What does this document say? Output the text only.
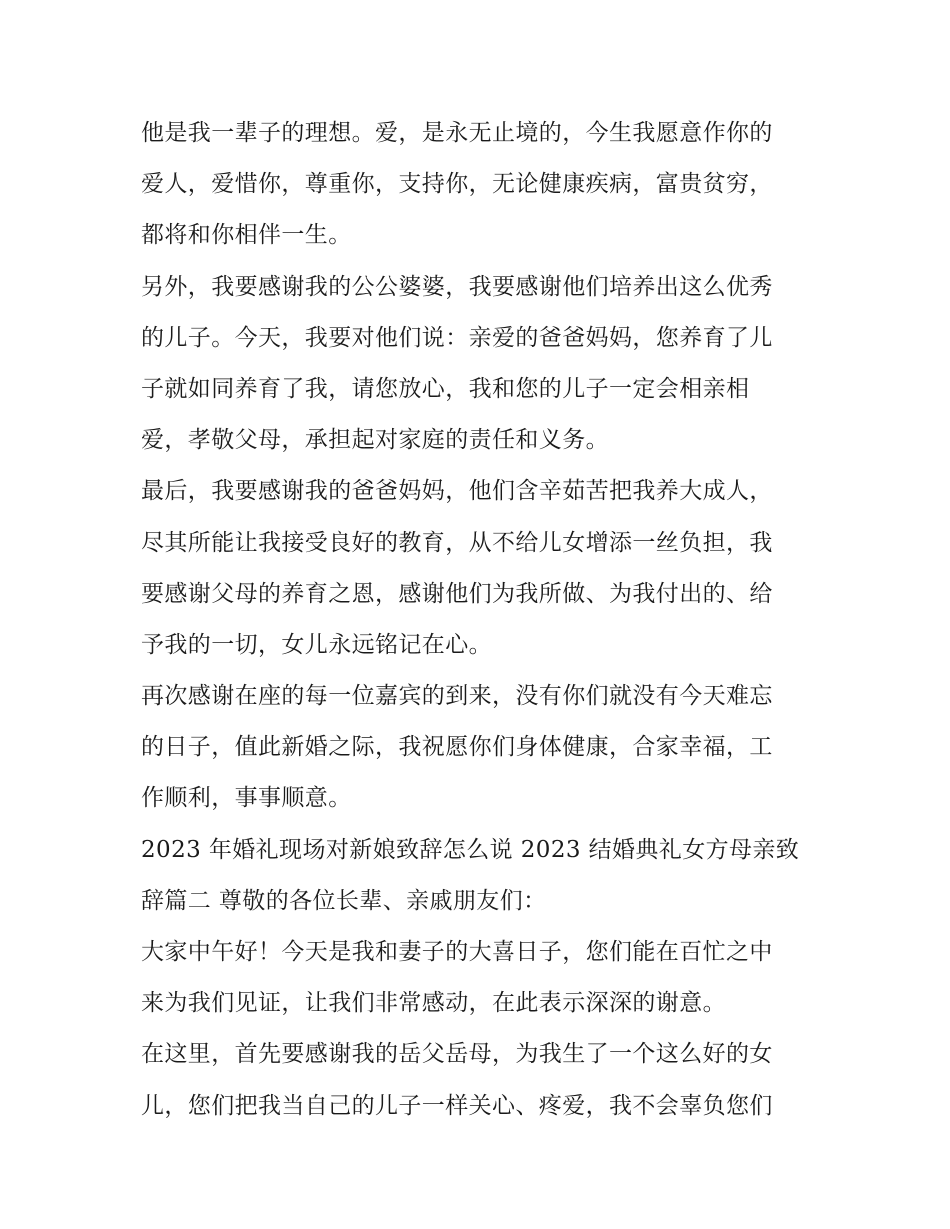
他是我一辈子的理想。爱，是永无止境的，今生我愿意作你的
爱人，爱惜你，尊重你，支持你，无论健康疾病，富贵贫穷，
都将和你相伴一生。
另外，我要感谢我的公公婆婆，我要感谢他们培养出这么优秀
的儿子。今天，我要对他们说：亲爱的爸爸妈妈，您养育了儿
子就如同养育了我，请您放心，我和您的儿子一定会相亲相
爱，孝敬父母，承担起对家庭的责任和义务。
最后，我要感谢我的爸爸妈妈，他们含辛茹苦把我养大成人，
尽其所能让我接受良好的教育，从不给儿女增添一丝负担，我
要感谢父母的养育之恩，感谢他们为我所做、为我付出的、给
予我的一切，女儿永远铭记在心。
再次感谢在座的每一位嘉宾的到来，没有你们就没有今天难忘
的日子，值此新婚之际，我祝愿你们身体健康，合家幸福，工
作顺利，事事顺意。
2023 年婚礼现场对新娘致辞怎么说 2023 结婚典礼女方母亲致
辞篇二 尊敬的各位长辈、亲戚朋友们：
大家中午好！今天是我和妻子的大喜日子，您们能在百忙之中
来为我们见证，让我们非常感动，在此表示深深的谢意。
在这里，首先要感谢我的岳父岳母，为我生了一个这么好的女
儿，您们把我当自己的儿子一样关心、疼爱，我不会辜负您们
